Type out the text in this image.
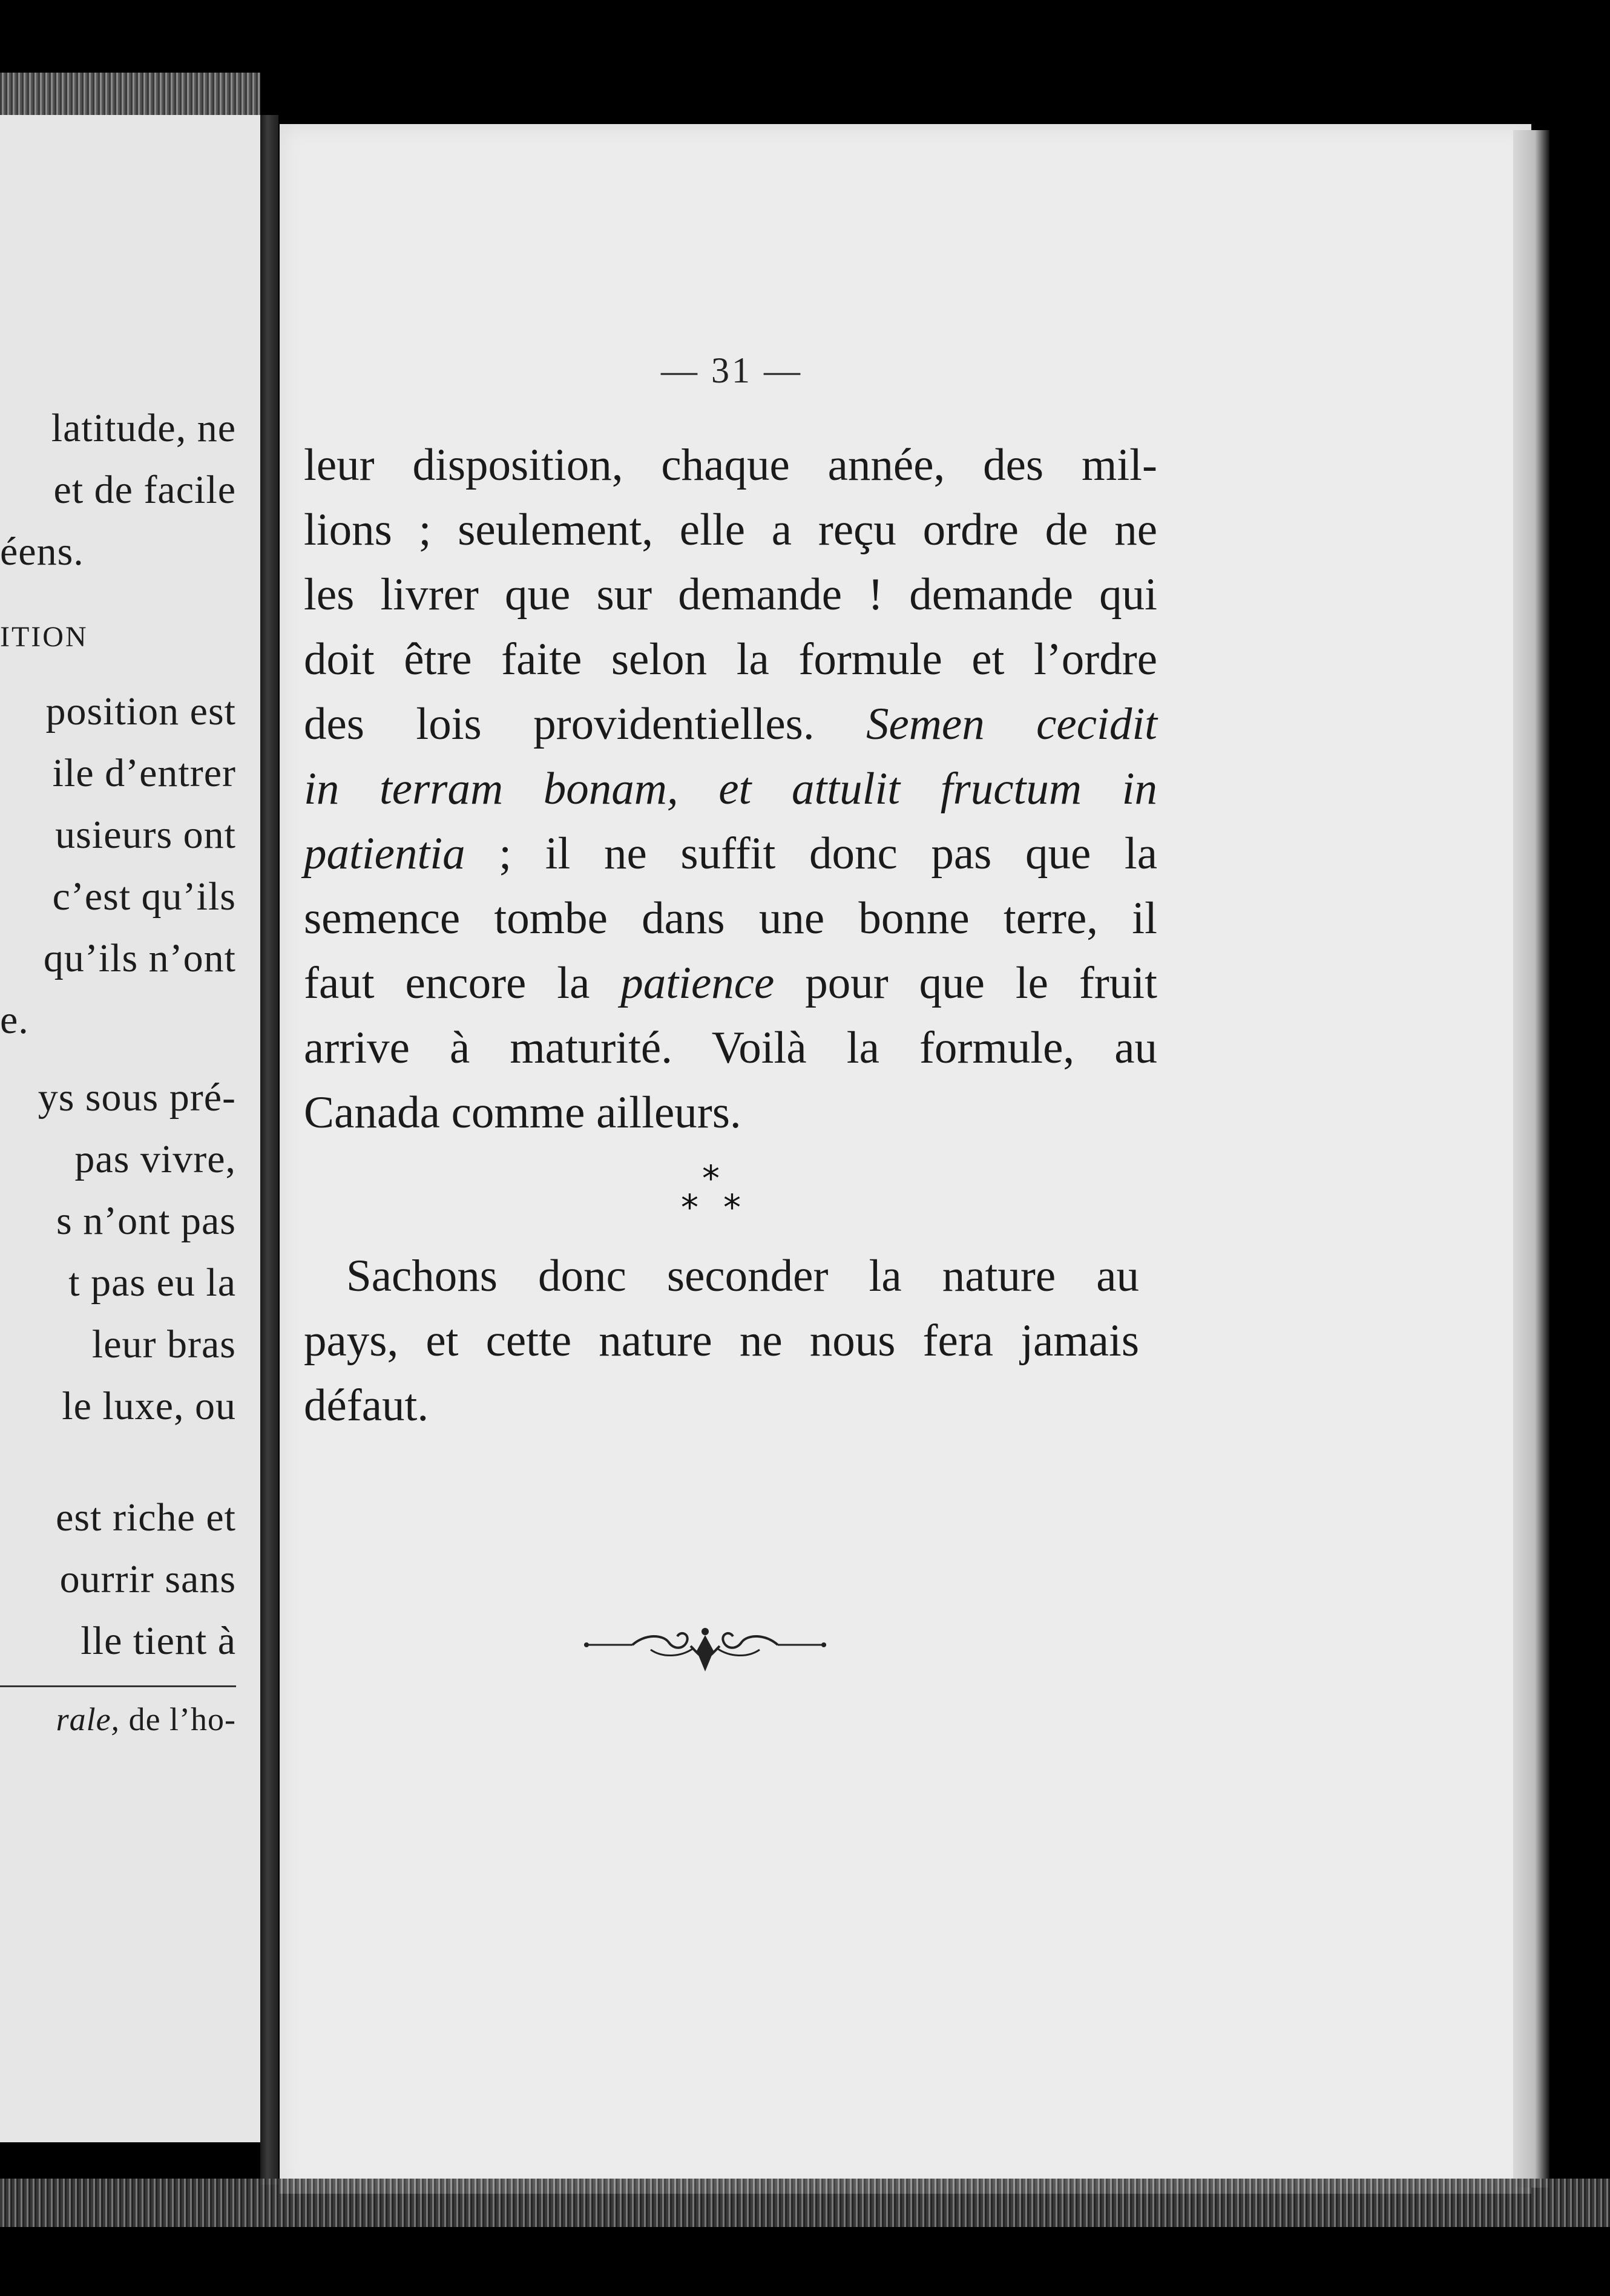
latitude, ne
et de facile
éens.
ITION
position est
ile d’entrer
usieurs ont
c’est qu’ils
qu’ils n’ont
e.
ys sous pré-
pas vivre,
s n’ont pas
t pas eu la
leur bras
le luxe, ou
est riche et
ourrir sans
lle tient à
rale, de l’ho-
— 31 —
leur disposition, chaque année, des mil-
lions ; seulement, elle a reçu ordre de ne
les livrer que sur demande ! demande qui
doit être faite selon la formule et l’ordre
des lois providentielles. Semen cecidit
in terram bonam, et attulit fructum in
patientia ; il ne suffit donc pas que la
semence tombe dans une bonne terre, il
faut encore la patience pour que le fruit
arrive à maturité. Voilà la formule, au
Canada comme ailleurs.
*
* *
Sachons donc seconder la nature au
pays, et cette nature ne nous fera jamais
défaut.
